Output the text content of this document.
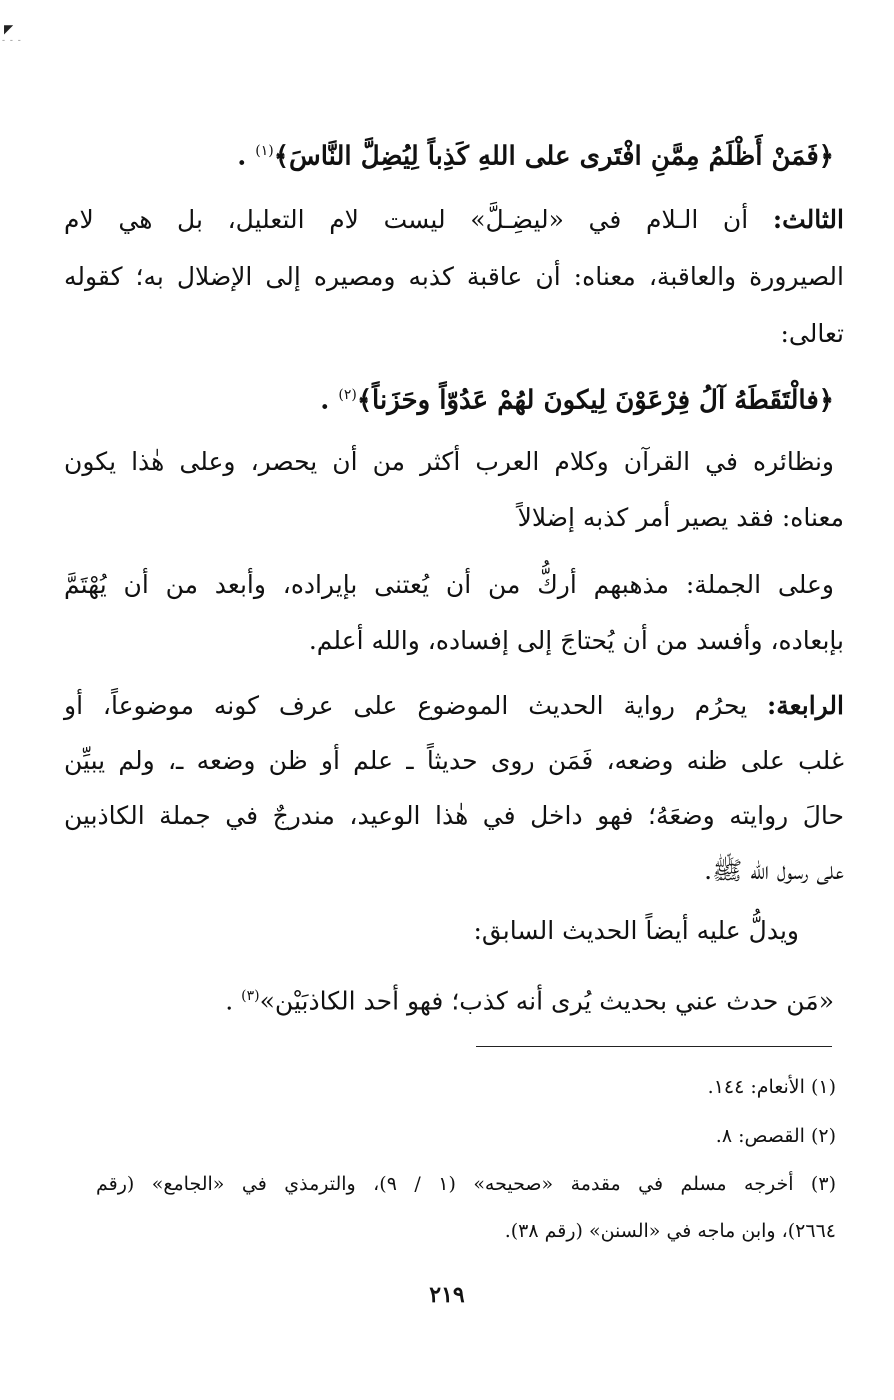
◤
- - -
﴿فَمَنْ أَظْلَمُ مِمَّنِ افْتَرى على اللهِ كَذِباً لِيُضِلَّ النَّاسَ﴾$^{(١)}$ .
الثالث: أن الـلام في «ليضِـلَّ» ليست لام التعليل، بل هي لام
الصيرورة والعاقبة، معناه: أن عاقبة كذبه ومصيره إلى الإضلال به؛ كقوله
تعالى:
﴿فالْتَقَطَهُ آلُ فِرْعَوْنَ لِيكونَ لهُمْ عَدُوّاً وحَزَناً﴾$^{(٢)}$ .
ونظائره في القرآن وكلام العرب أكثر من أن يحصر، وعلى هٰذا يكون
معناه: فقد يصير أمر كذبه إضلالاً
وعلى الجملة: مذهبهم أركُّ من أن يُعتنى بإيراده، وأبعد من أن يُهْتَمَّ
بإبعاده، وأفسد من أن يُحتاجَ إلى إفساده، والله أعلم.
الرابعة: يحرُم رواية الحديث الموضوع على عرف كونه موضوعاً، أو
غلب على ظنه وضعه، فَمَن روى حديثاً ـ علم أو ظن وضعه ـ، ولم يبيِّن
حالَ روايته وضعَهُ؛ فهو داخل في هٰذا الوعيد، مندرجٌ في جملة الكاذبين
على رسول الله ﷺ.
ويدلُّ عليه أيضاً الحديث السابق:
«مَن حدث عني بحديث يُرى أنه كذب؛ فهو أحد الكاذبَيْن»$^{(٣)}$ .
(١) الأنعام: ١٤٤.
(٢) القصص: ٨.
(٣) أخرجه مسلم في مقدمة «صحيحه» (١ / ٩)، والترمذي في «الجامع» (رقم
٢٦٦٤)، وابن ماجه في «السنن» (رقم ٣٨).
٢١٩
